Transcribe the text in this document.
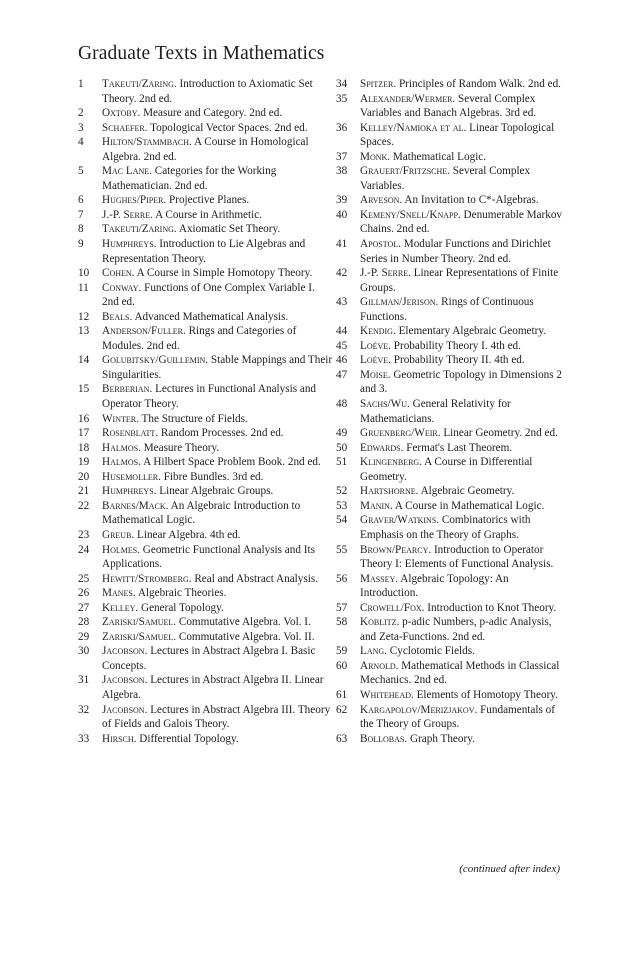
Graduate Texts in Mathematics
1	Takeuti/Zaring. Introduction to Axiomatic Set Theory. 2nd ed.
2	Oxtoby. Measure and Category. 2nd ed.
3	Schaefer. Topological Vector Spaces. 2nd ed.
4	Hilton/Stammbach. A Course in Homological Algebra. 2nd ed.
5	Mac Lane. Categories for the Working Mathematician. 2nd ed.
6	Hughes/Piper. Projective Planes.
7	J.-P. Serre. A Course in Arithmetic.
8	Takeuti/Zaring. Axiomatic Set Theory.
9	Humphreys. Introduction to Lie Algebras and Representation Theory.
10	Cohen. A Course in Simple Homotopy Theory.
11	Conway. Functions of One Complex Variable I. 2nd ed.
12	Beals. Advanced Mathematical Analysis.
13	Anderson/Fuller. Rings and Categories of Modules. 2nd ed.
14	Golubitsky/Guillemin. Stable Mappings and Their Singularities.
15	Berberian. Lectures in Functional Analysis and Operator Theory.
16	Winter. The Structure of Fields.
17	Rosenblatt. Random Processes. 2nd ed.
18	Halmos. Measure Theory.
19	Halmos. A Hilbert Space Problem Book. 2nd ed.
20	Husemoller. Fibre Bundles. 3rd ed.
21	Humphreys. Linear Algebraic Groups.
22	Barnes/Mack. An Algebraic Introduction to Mathematical Logic.
23	Greub. Linear Algebra. 4th ed.
24	Holmes. Geometric Functional Analysis and Its Applications.
25	Hewitt/Stromberg. Real and Abstract Analysis.
26	Manes. Algebraic Theories.
27	Kelley. General Topology.
28	Zariski/Samuel. Commutative Algebra. Vol. I.
29	Zariski/Samuel. Commutative Algebra. Vol. II.
30	Jacobson. Lectures in Abstract Algebra I. Basic Concepts.
31	Jacobson. Lectures in Abstract Algebra II. Linear Algebra.
32	Jacobson. Lectures in Abstract Algebra III. Theory of Fields and Galois Theory.
33	Hirsch. Differential Topology.
34	Spitzer. Principles of Random Walk. 2nd ed.
35	Alexander/Wermer. Several Complex Variables and Banach Algebras. 3rd ed.
36	Kelley/Namioka et al. Linear Topological Spaces.
37	Monk. Mathematical Logic.
38	Grauert/Fritzsche. Several Complex Variables.
39	Arveson. An Invitation to C*-Algebras.
40	Kemeny/Snell/Knapp. Denumerable Markov Chains. 2nd ed.
41	Apostol. Modular Functions and Dirichlet Series in Number Theory. 2nd ed.
42	J.-P. Serre. Linear Representations of Finite Groups.
43	Gillman/Jerison. Rings of Continuous Functions.
44	Kendig. Elementary Algebraic Geometry.
45	Loève. Probability Theory I. 4th ed.
46	Loève. Probability Theory II. 4th ed.
47	Moise. Geometric Topology in Dimensions 2 and 3.
48	Sachs/Wu. General Relativity for Mathematicians.
49	Gruenberg/Weir. Linear Geometry. 2nd ed.
50	Edwards. Fermat's Last Theorem.
51	Klingenberg. A Course in Differential Geometry.
52	Hartshorne. Algebraic Geometry.
53	Manin. A Course in Mathematical Logic.
54	Graver/Watkins. Combinatorics with Emphasis on the Theory of Graphs.
55	Brown/Pearcy. Introduction to Operator Theory I: Elements of Functional Analysis.
56	Massey. Algebraic Topology: An Introduction.
57	Crowell/Fox. Introduction to Knot Theory.
58	Koblitz. p-adic Numbers, p-adic Analysis, and Zeta-Functions. 2nd ed.
59	Lang. Cyclotomic Fields.
60	Arnold. Mathematical Methods in Classical Mechanics. 2nd ed.
61	Whitehead. Elements of Homotopy Theory.
62	Kargapolov/Merizjakov. Fundamentals of the Theory of Groups.
63	Bollobas. Graph Theory.
(continued after index)
